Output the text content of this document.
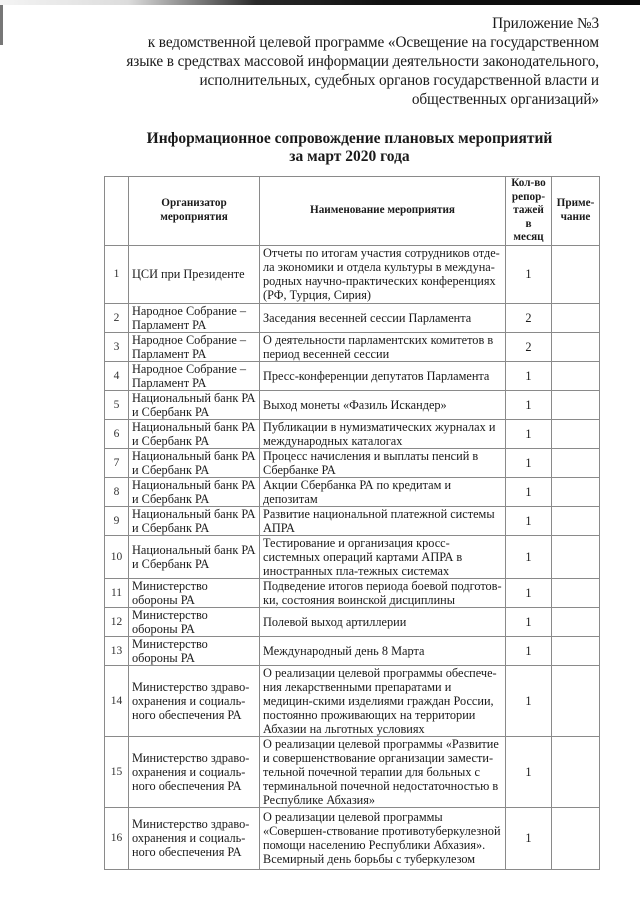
Приложение №3
к ведомственной целевой программе «Освещение на государственном
языке в средствах массовой информации деятельности законодательного,
исполнительных, судебных органов государственной власти и
общественных организаций»
Информационное сопровождение плановых мероприятий
за март 2020 года
	Организатор мероприятия	Наименование мероприятия	Кол-во репор-тажей в месяц	Приме-чание
1	ЦСИ при Президенте	Отчеты по итогам участия сотрудников отде-ла экономики и отдела культуры в междуна-родных научно-практических конференциях (РФ, Турция, Сирия)	1	
2	Народное Собрание – Парламент РА	Заседания весенней сессии Парламента	2	
3	Народное Собрание – Парламент РА	О деятельности парламентских комитетов в период весенней сессии	2	
4	Народное Собрание – Парламент РА	Пресс-конференции депутатов Парламента	1	
5	Национальный банк РА и Сбербанк РА	Выход монеты «Фазиль Искандер»	1	
6	Национальный банк РА и Сбербанк РА	Публикации в нумизматических журналах и международных каталогах	1	
7	Национальный банк РА и Сбербанк РА	Процесс начисления и выплаты пенсий в Сбербанке РА	1	
8	Национальный банк РА и Сбербанк РА	Акции Сбербанка РА по кредитам и депозитам	1	
9	Национальный банк РА и Сбербанк РА	Развитие национальной платежной системы АПРА	1	
10	Национальный банк РА и Сбербанк РА	Тестирование и организация кросс-системных операций картами АПРА в иностранных пла-тежных системах	1	
11	Министерство обороны РА	Подведение итогов периода боевой подготов-ки, состояния воинской дисциплины	1	
12	Министерство обороны РА	Полевой выход артиллерии	1	
13	Министерство обороны РА	Международный день 8 Марта	1	
14	Министерство здраво-охранения и социаль-ного обеспечения РА	О реализации целевой программы обеспече-ния лекарственными препаратами и медицин-скими изделиями граждан России, постоянно проживающих на территории Абхазии на льготных условиях	1	
15	Министерство здраво-охранения и социаль-ного обеспечения РА	О реализации целевой программы «Развитие и совершенствование организации замести-тельной почечной терапии для больных с терминальной почечной недостаточностью в Республике Абхазия»	1	
16	Министерство здраво-охранения и социаль-ного обеспечения РА	О реализации целевой программы «Совершен-ствование противотуберкулезной помощи населению Республики Абхазия». Всемирный день борьбы с туберкулезом	1	
